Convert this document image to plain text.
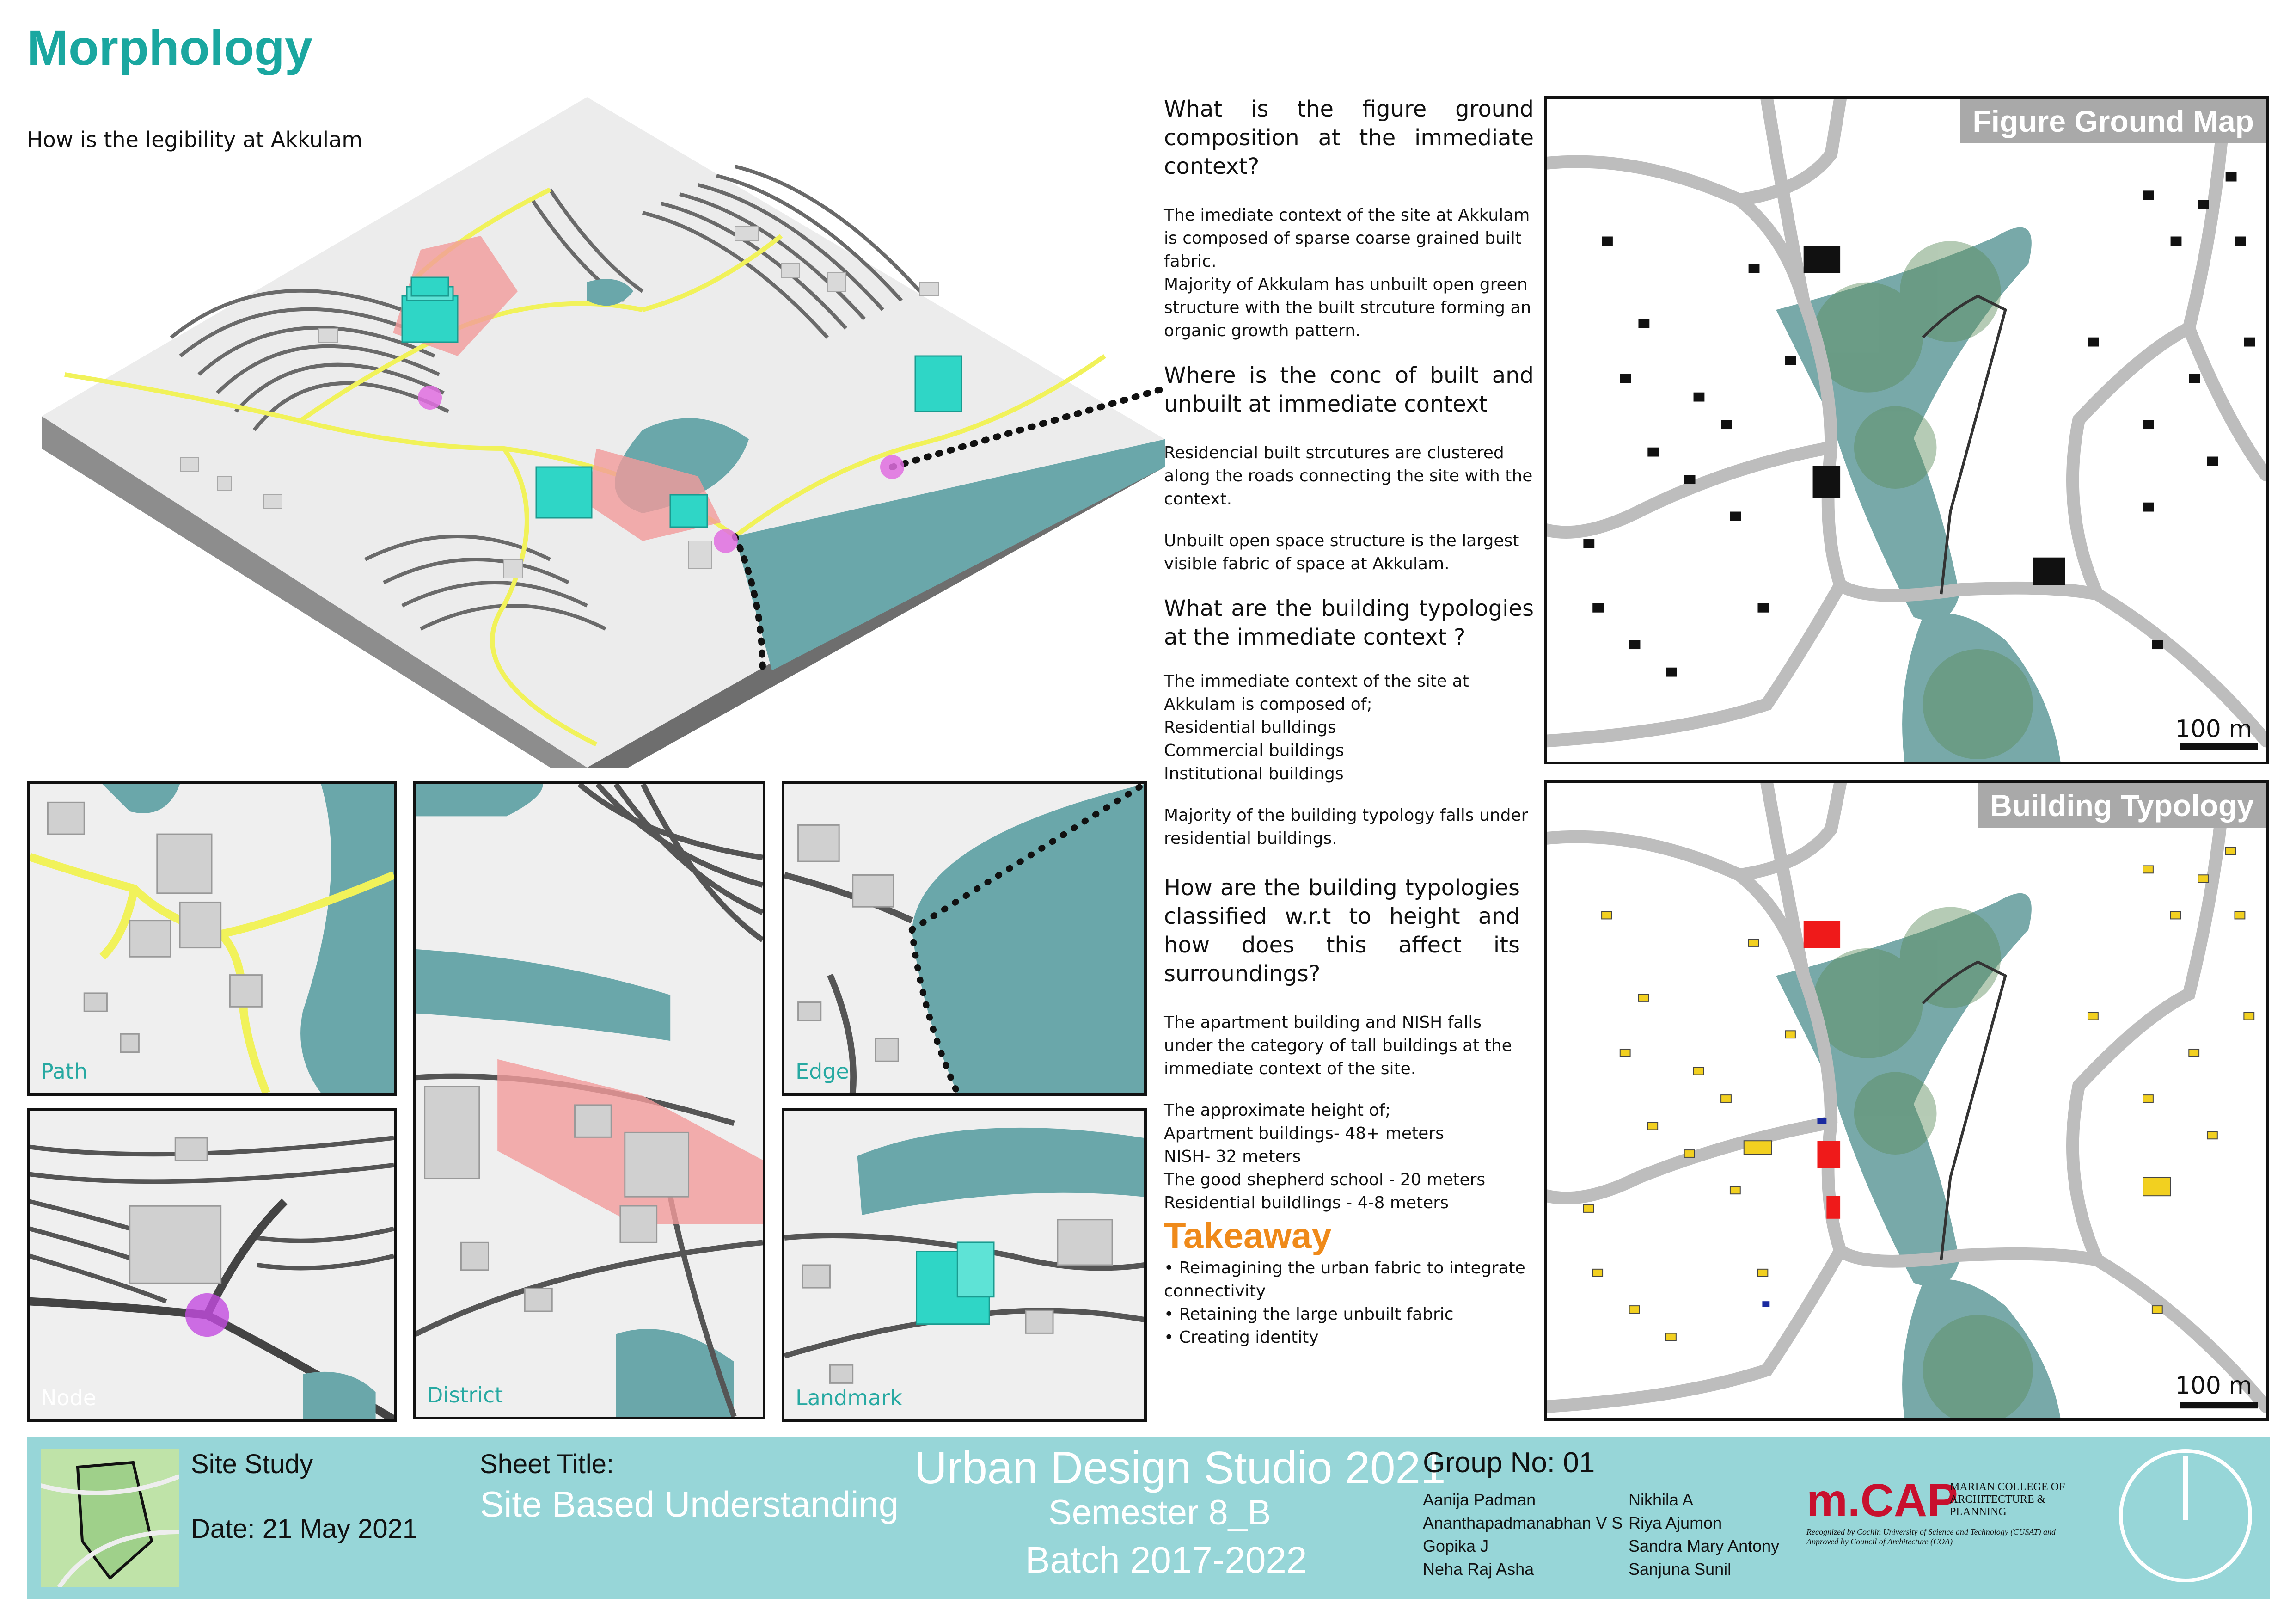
Morphology
How is the legibility at Akkulam
Path
District
Edge
Node	Landmark
What is the figure ground composition at the immediate context?

The imediate context of the site at Akkulam is composed of sparse coarse grained built fabric.

Majority of Akkulam has unbuilt open green structure with the built strcuture forming an organic growth pattern.

Where is the conc of built and unbuilt at immediate context

Residencial built strcutures are clustered along the roads connecting the site with the context.

Unbuilt open space structure is the largest visible fabric of space at Akkulam.

What are the building typologies at the immediate context ?

The immediate context of the site at Akkulam is composed of;

Residential bulldings

Commercial buildings

Institutional buildings

Majority of the building typology falls under residential buildings.

How are the building typologies classified w.r.t to height and how does this affect its surroundings?

The apartment building and NISH falls under the category of tall buildings at the immediate context of the site.

The approximate height of;

Apartment buildings- 48+ meters

NISH- 32 meters

The good shepherd school - 20 meters

Residential buildlings - 4-8 meters

Takeaway

• Reimagining the urban fabric to integrate connectivity

• Retaining the large unbuilt fabric

• Creating identity

Figure Ground Map
100 m
Building Typology
100 m
Site Study
Date: 21 May 2021
Sheet Title:
Site Based Understanding
Urban Design Studio 2021
Semester 8_B
Batch 2017-2022
Group No: 01
Aanija Padman
Ananthapadmanabhan V S
Gopika J
Neha Raj Asha
Nikhila A
Riya Ajumon
Sandra Mary Antony
Sanjuna Sunil
m.CAP
MARIAN COLLEGE OF ARCHITECTURE & PLANNING
Recognized by Cochin University of Science and Technology (CUSAT) and Approved by Council of Architecture (COA)
